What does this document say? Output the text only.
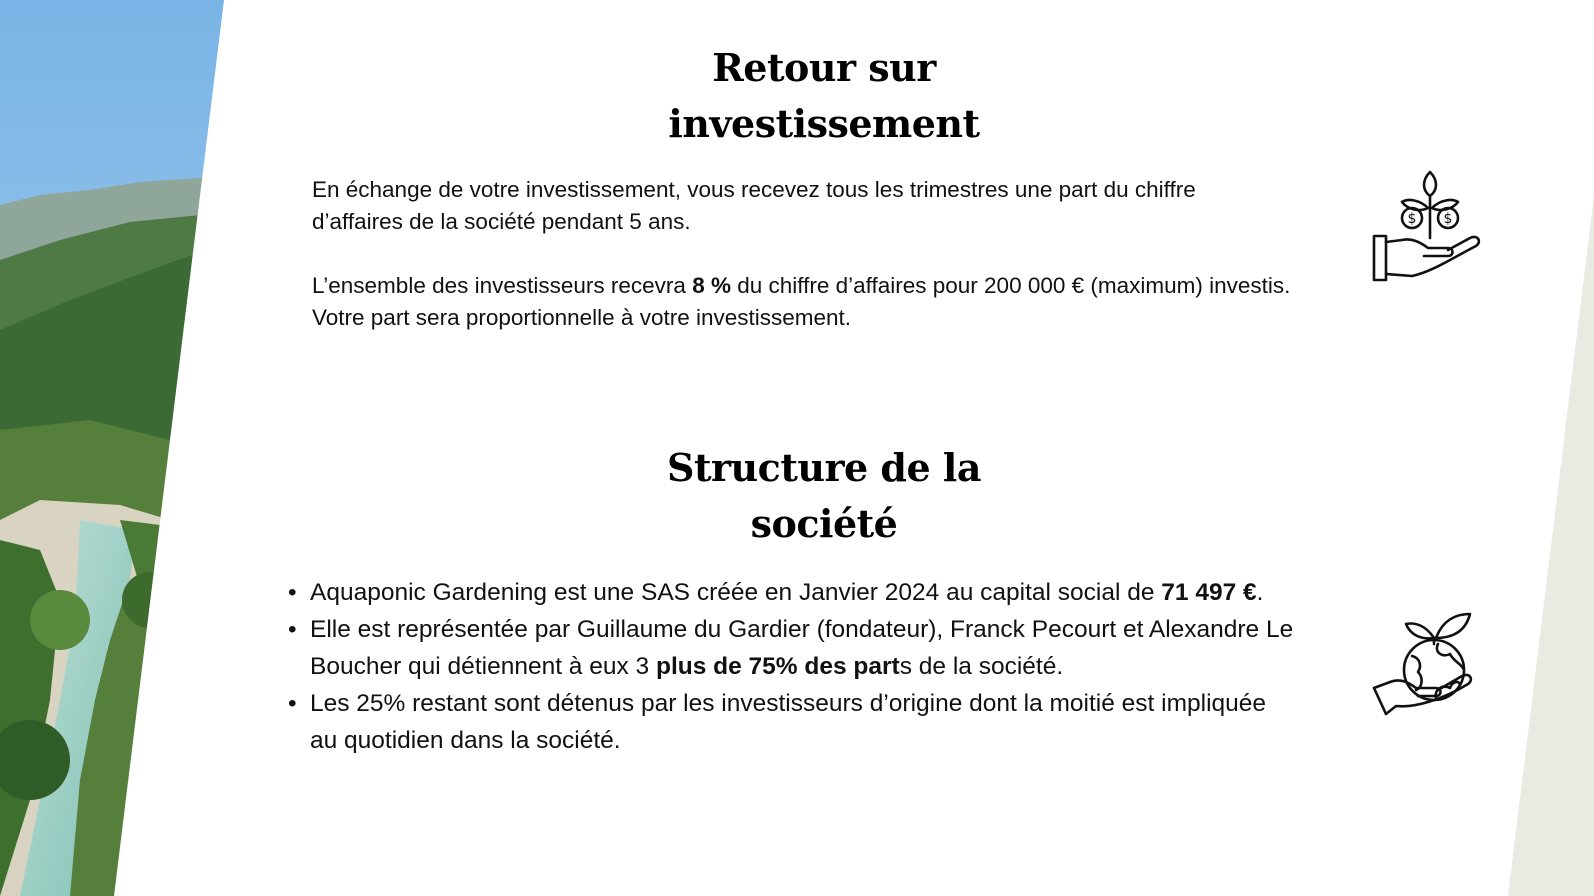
Retour sur
investissement

En échange de votre investissement, vous recevez tous les trimestres une part du chiffre d’affaires de la société pendant 5 ans.

L’ensemble des investisseurs recevra 8 % du chiffre d’affaires pour 200 000 € (maximum) investis. Votre part sera proportionnelle à votre investissement.

$ $
Structure de la
société
• Aquaponic Gardening est une SAS créée en Janvier 2024 au capital social de 71 497 €.
• Elle est représentée par Guillaume du Gardier (fondateur), Franck Pecourt et Alexandre Le Boucher qui détiennent à eux 3 plus de 75% des parts de la société.
• Les 25% restant sont détenus par les investisseurs d’origine dont la moitié est impliquée au quotidien dans la société.
